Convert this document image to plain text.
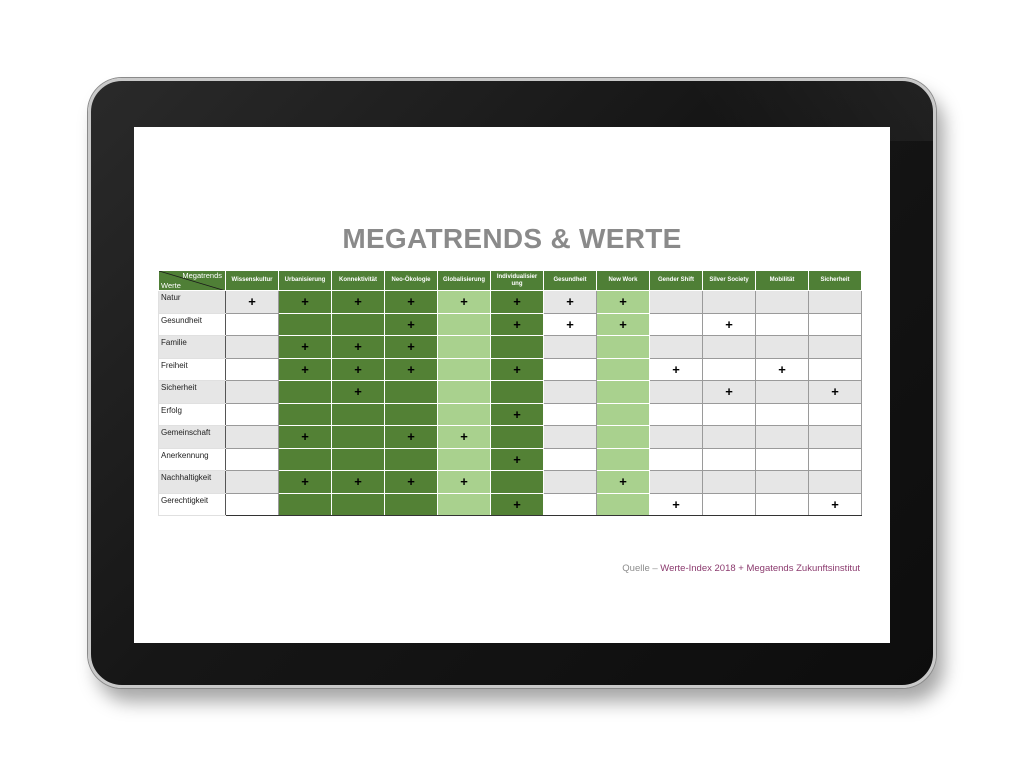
MEGATRENDS & WERTE
Megatrends
Werte	Wissenskultur	Urbanisierung	Konnektivität	Neo-Ökologie	Globalisierung	Individualisier ung	Gesundheit	New Work	Gender Shift	Silver Society	Mobilität	Sicherheit
Natur	+	+	+	+	+	+	+	+				
Gesundheit				+		+	+	+		+		
Familie		+	+	+								
Freiheit		+	+	+		+			+		+	
Sicherheit			+							+		+
Erfolg						+						
Gemeinschaft		+		+	+							
Anerkennung						+						
Nachhaltigkeit		+	+	+	+			+				
Gerechtigkeit						+			+			+
Quelle – Werte-Index 2018 + Megatends Zukunftsinstitut
